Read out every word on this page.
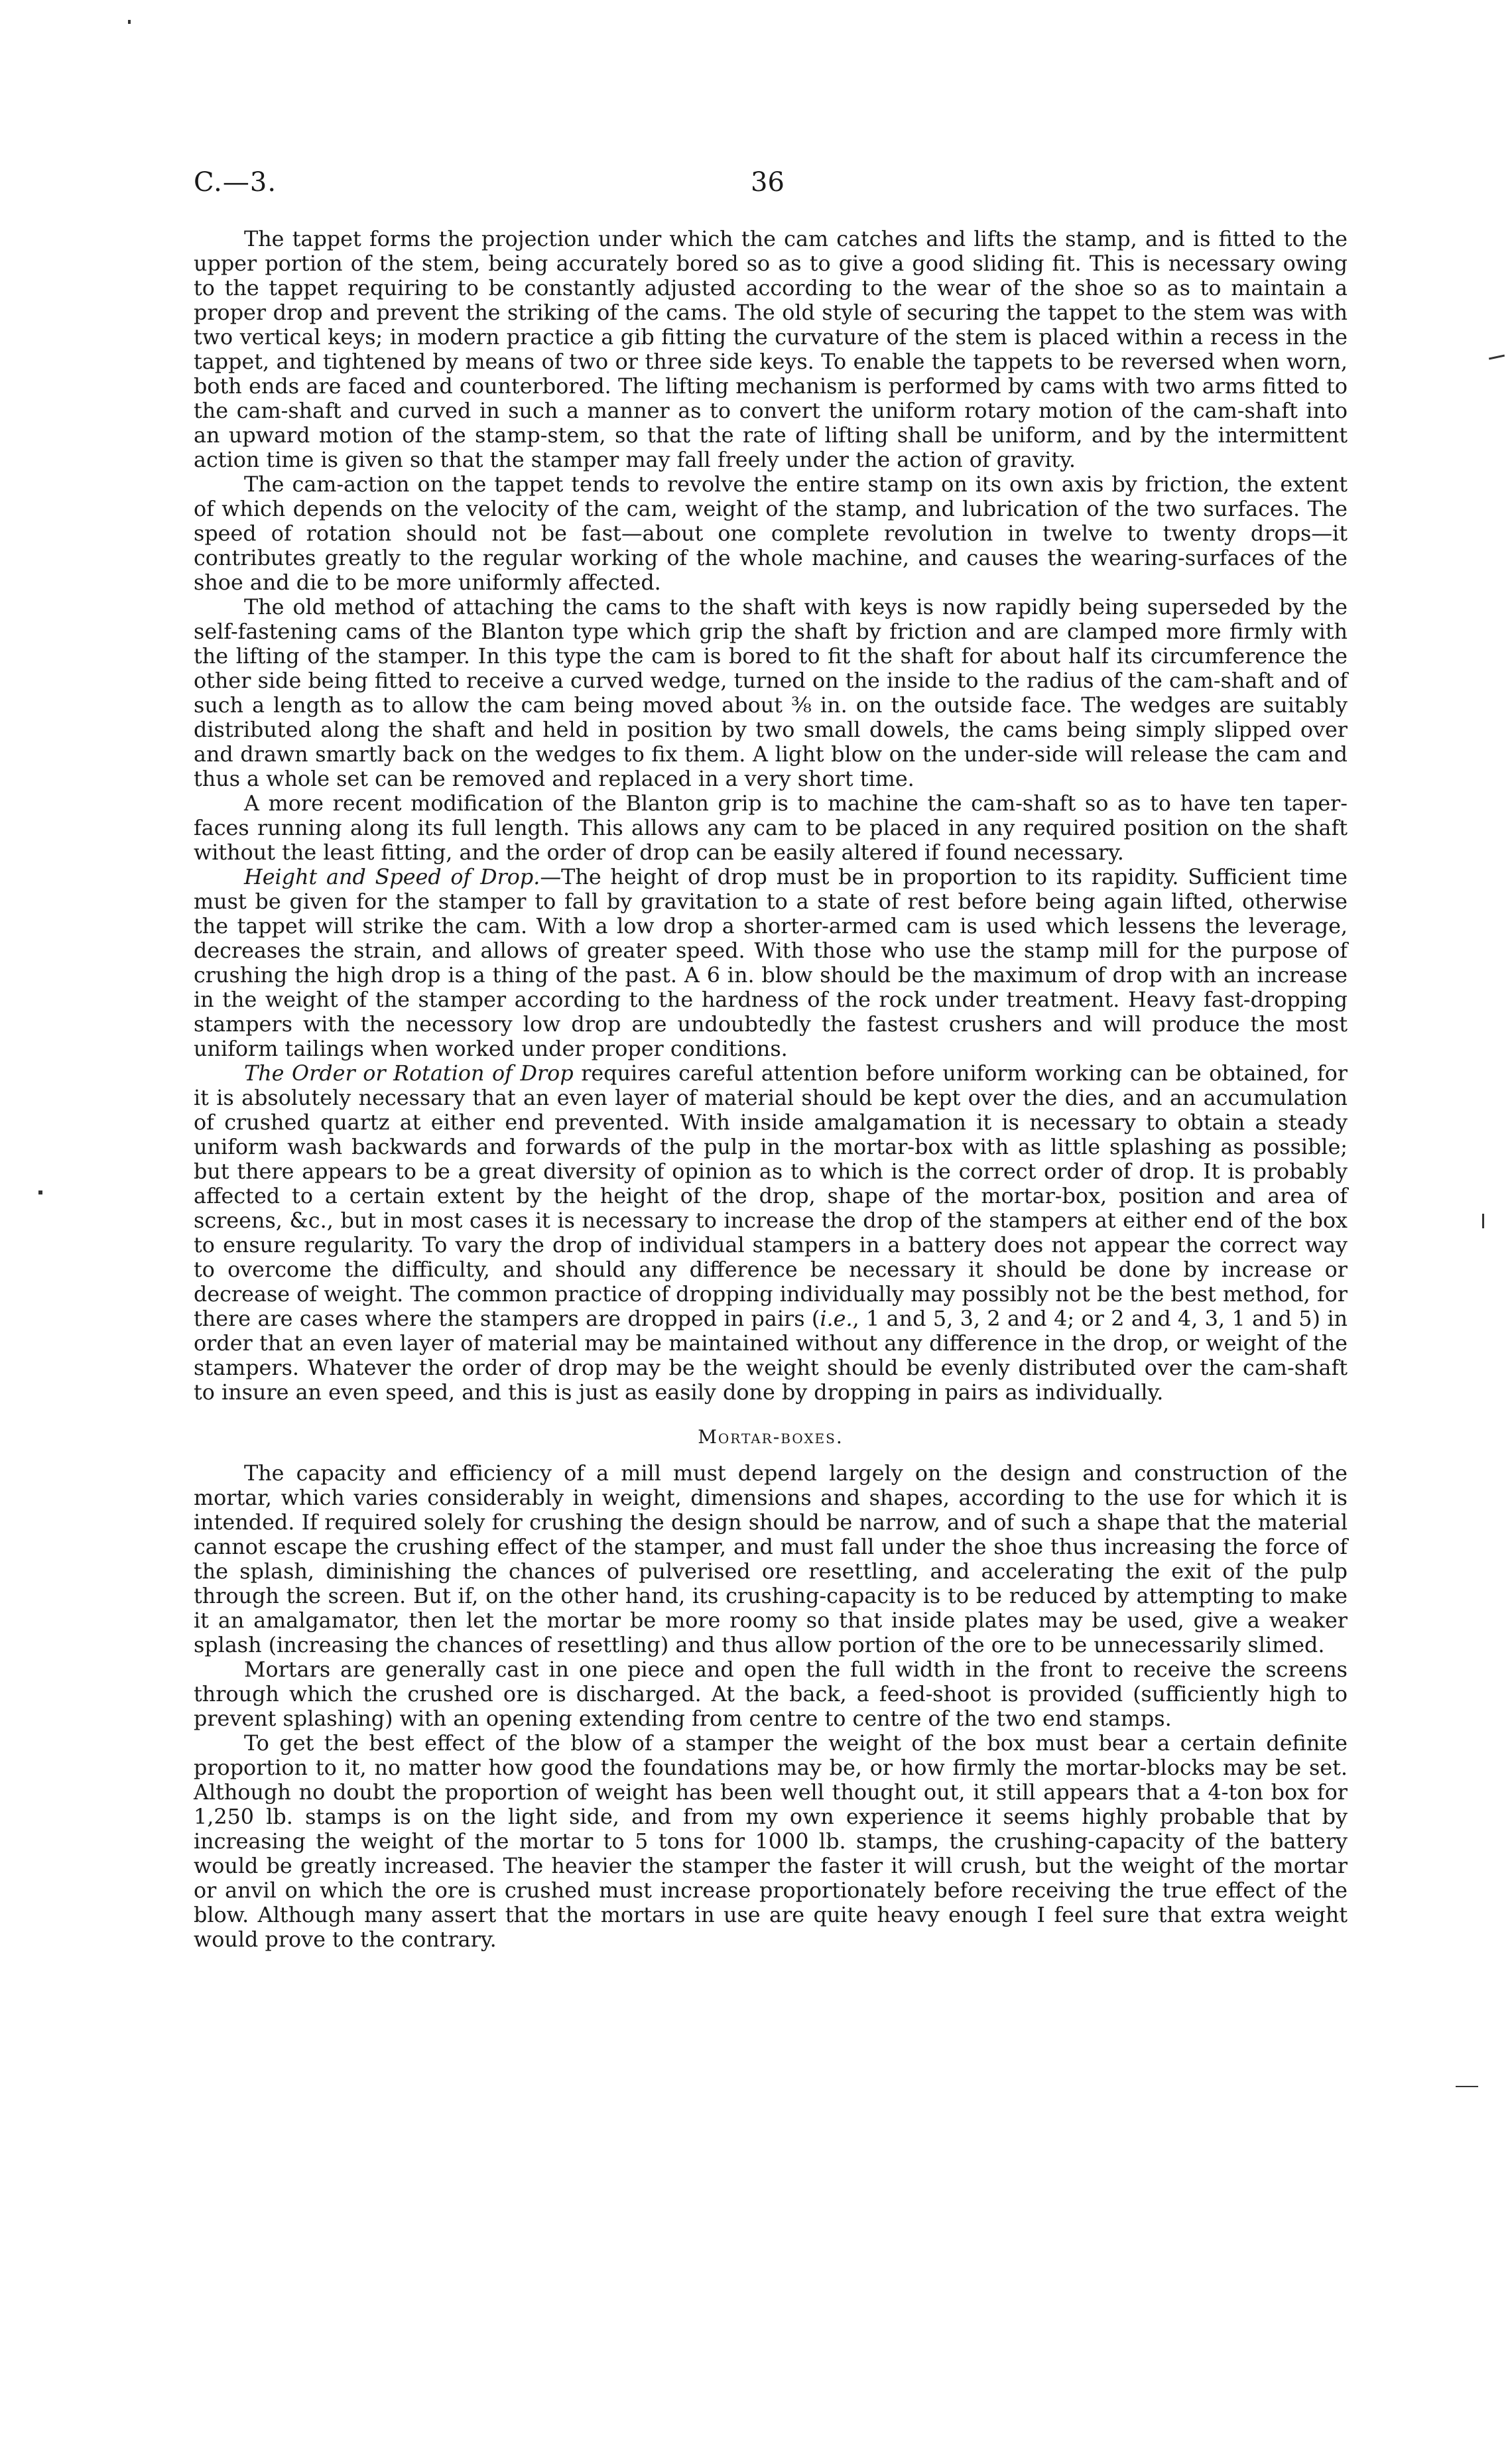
C.—3.	36

The tappet forms the projection under which the cam catches and lifts the stamp, and is fitted to the upper portion of the stem, being accurately bored so as to give a good sliding fit. This is necessary owing to the tappet requiring to be constantly adjusted according to the wear of the shoe so as to maintain a proper drop and prevent the striking of the cams. The old style of securing the tappet to the stem was with two vertical keys; in modern practice a gib fitting the curvature of the stem is placed within a recess in the tappet, and tightened by means of two or three side keys. To enable the tappets to be reversed when worn, both ends are faced and counterbored. The lifting mechanism is performed by cams with two arms fitted to the cam-shaft and curved in such a manner as to convert the uniform rotary motion of the cam-shaft into an upward motion of the stamp-stem, so that the rate of lifting shall be uniform, and by the intermittent action time is given so that the stamper may fall freely under the action of gravity.

The cam-action on the tappet tends to revolve the entire stamp on its own axis by friction, the extent of which depends on the velocity of the cam, weight of the stamp, and lubrication of the two surfaces. The speed of rotation should not be fast—about one complete revolution in twelve to twenty drops—it contributes greatly to the regular working of the whole machine, and causes the wearing-surfaces of the shoe and die to be more uniformly affected.

The old method of attaching the cams to the shaft with keys is now rapidly being superseded by the self-fastening cams of the Blanton type which grip the shaft by friction and are clamped more firmly with the lifting of the stamper. In this type the cam is bored to fit the shaft for about half its circumference the other side being fitted to receive a curved wedge, turned on the inside to the radius of the cam-shaft and of such a length as to allow the cam being moved about ⅜ in. on the outside face. The wedges are suitably distributed along the shaft and held in position by two small dowels, the cams being simply slipped over and drawn smartly back on the wedges to fix them. A light blow on the under-side will release the cam and thus a whole set can be removed and replaced in a very short time.

A more recent modification of the Blanton grip is to machine the cam-shaft so as to have ten taper-faces running along its full length. This allows any cam to be placed in any required position on the shaft without the least fitting, and the order of drop can be easily altered if found necessary.

Height and Speed of Drop.—The height of drop must be in proportion to its rapidity. Sufficient time must be given for the stamper to fall by gravitation to a state of rest before being again lifted, otherwise the tappet will strike the cam. With a low drop a shorter-armed cam is used which lessens the leverage, decreases the strain, and allows of greater speed. With those who use the stamp mill for the purpose of crushing the high drop is a thing of the past. A 6 in. blow should be the maximum of drop with an increase in the weight of the stamper according to the hardness of the rock under treatment. Heavy fast-dropping stampers with the necessory low drop are undoubtedly the fastest crushers and will produce the most uniform tailings when worked under proper conditions.

The Order or Rotation of Drop requires careful attention before uniform working can be obtained, for it is absolutely necessary that an even layer of material should be kept over the dies, and an accumulation of crushed quartz at either end prevented. With inside amalgamation it is necessary to obtain a steady uniform wash backwards and forwards of the pulp in the mortar-box with as little splashing as possible; but there appears to be a great diversity of opinion as to which is the correct order of drop. It is probably affected to a certain extent by the height of the drop, shape of the mortar-box, position and area of screens, &c., but in most cases it is necessary to increase the drop of the stampers at either end of the box to ensure regularity. To vary the drop of individual stampers in a battery does not appear the correct way to overcome the difficulty, and should any difference be necessary it should be done by increase or decrease of weight. The common practice of dropping individually may possibly not be the best method, for there are cases where the stampers are dropped in pairs (i.e., 1 and 5, 3, 2 and 4; or 2 and 4, 3, 1 and 5) in order that an even layer of material may be maintained without any difference in the drop, or weight of the stampers. Whatever the order of drop may be the weight should be evenly distributed over the cam-shaft to insure an even speed, and this is just as easily done by dropping in pairs as individually.

Mortar-boxes.

The capacity and efficiency of a mill must depend largely on the design and construction of the mortar, which varies considerably in weight, dimensions and shapes, according to the use for which it is intended. If required solely for crushing the design should be narrow, and of such a shape that the material cannot escape the crushing effect of the stamper, and must fall under the shoe thus increasing the force of the splash, diminishing the chances of pulverised ore resettling, and accelerating the exit of the pulp through the screen. But if, on the other hand, its crushing-capacity is to be reduced by attempting to make it an amalgamator, then let the mortar be more roomy so that inside plates may be used, give a weaker splash (increasing the chances of resettling) and thus allow portion of the ore to be unnecessarily slimed.

Mortars are generally cast in one piece and open the full width in the front to receive the screens through which the crushed ore is discharged. At the back, a feed-shoot is provided (sufficiently high to prevent splashing) with an opening extending from centre to centre of the two end stamps.

To get the best effect of the blow of a stamper the weight of the box must bear a certain definite proportion to it, no matter how good the foundations may be, or how firmly the mortar-blocks may be set. Although no doubt the proportion of weight has been well thought out, it still appears that a 4-ton box for 1,250 lb. stamps is on the light side, and from my own experience it seems highly probable that by increasing the weight of the mortar to 5 tons for 1000 lb. stamps, the crushing-capacity of the battery would be greatly increased. The heavier the stamper the faster it will crush, but the weight of the mortar or anvil on which the ore is crushed must increase proportionately before receiving the true effect of the blow. Although many assert that the mortars in use are quite heavy enough I feel sure that extra weight would prove to the contrary.
